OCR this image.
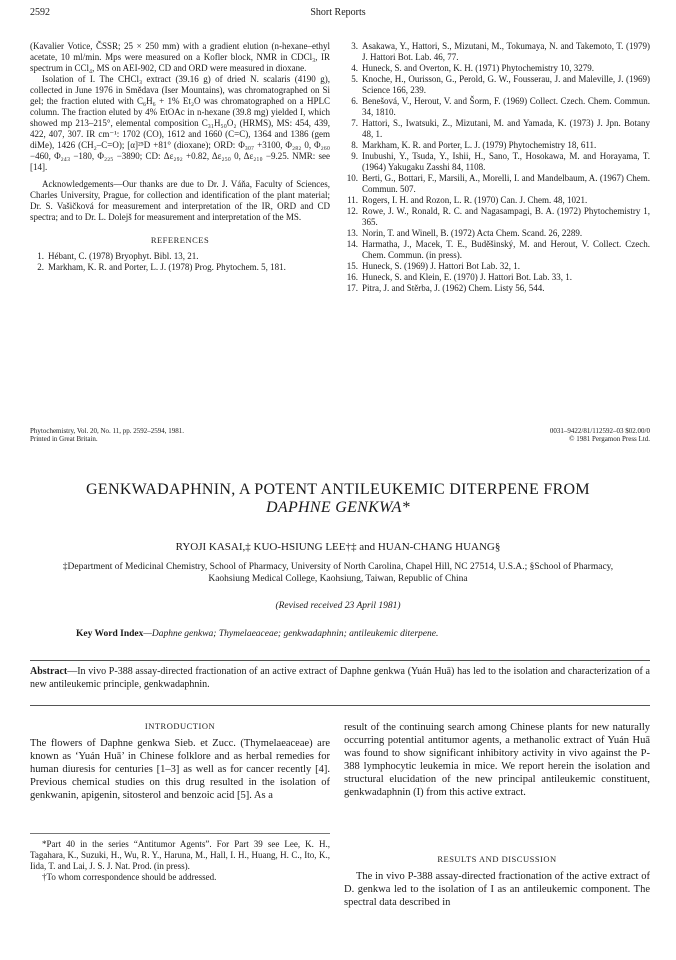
2592	Short Reports

(Kavalier Votice, ČSSR; 25 × 250 mm) with a gradient elution (n-hexane–ethyl acetate, 10 ml/min. Mps were measured on a Kofler block, NMR in CDCl₃, IR spectrum in CCl₄, MS on AEI-902, CD and ORD were measured in dioxane.

Isolation of I. The CHCl₃ extract (39.16 g) of dried N. scalaris (4190 g), collected in June 1976 in Smědava (Iser Mountains), was chromatographed on Si gel; the fraction eluted with C₆H₆ + 1% Et₂O was chromatographed on a HPLC column. The fraction eluted by 4% EtOAc in n-hexane (39.8 mg) yielded I, which showed mp 213–215°, elemental composition C₃₁H₅₀O₂ (HRMS), MS: 454, 439, 422, 407, 307. IR cm⁻¹: 1702 (CO), 1612 and 1660 (C=C), 1364 and 1386 (gem diMe), 1426 (CH₂–C=O); [α]²⁵D +81° (dioxane); ORD: Φ₃₀₇ +3100, Φ₂₈₂ 0, Φ₂₆₀ −460, Φ₂₄₃ −180, Φ₂₂₅ −3890; CD: Δε₂₉₂ +0.82, Δε₂₅₀ 0, Δε₂₁₀ −9.25. NMR: see [14].

Acknowledgements—Our thanks are due to Dr. J. Váňa, Faculty of Sciences, Charles University, Prague, for collection and identification of the plant material; Dr. S. Vašičková for measurement and interpretation of the IR, ORD and CD spectra; and to Dr. L. Dolejš for measurement and interpretation of the MS.

REFERENCES
1. Hébant, C. (1978) Bryophyt. Bibl. 13, 21.
2. Markham, K. R. and Porter, L. J. (1978) Prog. Phytochem. 5, 181.
3. Asakawa, Y., Hattori, S., Mizutani, M., Tokumaya, N. and Takemoto, T. (1979) J. Hattori Bot. Lab. 46, 77.
4. Huneck, S. and Overton, K. H. (1971) Phytochemistry 10, 3279.
5. Knoche, H., Ourisson, G., Perold, G. W., Fousserau, J. and Maleville, J. (1969) Science 166, 239.
6. Benešová, V., Herout, V. and Šorm, F. (1969) Collect. Czech. Chem. Commun. 34, 1810.
7. Hattori, S., Iwatsuki, Z., Mizutani, M. and Yamada, K. (1973) J. Jpn. Botany 48, 1.
8. Markham, K. R. and Porter, L. J. (1979) Phytochemistry 18, 611.
9. Inubushi, Y., Tsuda, Y., Ishii, H., Sano, T., Hosokawa, M. and Horayama, T. (1964) Yakugaku Zasshi 84, 1108.
10. Berti, G., Bottari, F., Marsili, A., Morelli, I. and Mandelbaum, A. (1967) Chem. Commun. 507.
11. Rogers, I. H. and Rozon, L. R. (1970) Can. J. Chem. 48, 1021.
12. Rowe, J. W., Ronald, R. C. and Nagasampagi, B. A. (1972) Phytochemistry 1, 365.
13. Norin, T. and Winell, B. (1972) Acta Chem. Scand. 26, 2289.
14. Harmatha, J., Macek, T. E., Buděšinský, M. and Herout, V. Collect. Czech. Chem. Commun. (in press).
15. Huneck, S. (1969) J. Hattori Bot Lab. 32, 1.
16. Huneck, S. and Klein, E. (1970) J. Hattori Bot. Lab. 33, 1.
17. Pitra, J. and Stěrba, J. (1962) Chem. Listy 56, 544.
Phytochemistry, Vol. 20, No. 11, pp. 2592–2594, 1981.
Printed in Great Britain.
0031–9422/81/112592–03 $02.00/0
© 1981 Pergamon Press Ltd.
GENKWADAPHNIN, A POTENT ANTILEUKEMIC DITERPENE FROM
DAPHNE GENKWA*
RYOJI KASAI,‡ KUO-HSIUNG LEE†‡ and HUAN-CHANG HUANG§
‡Department of Medicinal Chemistry, School of Pharmacy, University of North Carolina, Chapel Hill, NC 27514, U.S.A.; §School of Pharmacy, Kaohsiung Medical College, Kaohsiung, Taiwan, Republic of China
(Revised received 23 April 1981)
Key Word Index—Daphne genkwa; Thymelaeaceae; genkwadaphnin; antileukemic diterpene.
Abstract—In vivo P-388 assay-directed fractionation of an active extract of Daphne genkwa (Yuán Huā) has led to the isolation and characterization of a new antileukemic principle, genkwadaphnin.
INTRODUCTION
The flowers of Daphne genkwa Sieb. et Zucc. (Thymelaeaceae) are known as ‘Yuán Huā’ in Chinese folklore and as herbal remedies for human diuresis for centuries [1–3] as well as for cancer recently [4]. Previous chemical studies on this drug resulted in the isolation of genkwanin, apigenin, sitosterol and benzoic acid [5]. As a

*Part 40 in the series “Antitumor Agents”. For Part 39 see Lee, K. H., Tagahara, K., Suzuki, H., Wu, R. Y., Haruna, M., Hall, I. H., Huang, H. C., Ito, K., Iida, T. and Lai, J. S. J. Nat. Prod. (in press).

†To whom correspondence should be addressed.

result of the continuing search among Chinese plants for new naturally occurring potential antitumor agents, a methanolic extract of Yuán Huā was found to show significant inhibitory activity in vivo against the P-388 lymphocytic leukemia in mice. We report herein the isolation and structural elucidation of the new principal antileukemic constituent, genkwadaphnin (I) from this active extract.
RESULTS AND DISCUSSION
The in vivo P-388 assay-directed fractionation of the active extract of D. genkwa led to the isolation of I as an antileukemic component. The spectral data described in
